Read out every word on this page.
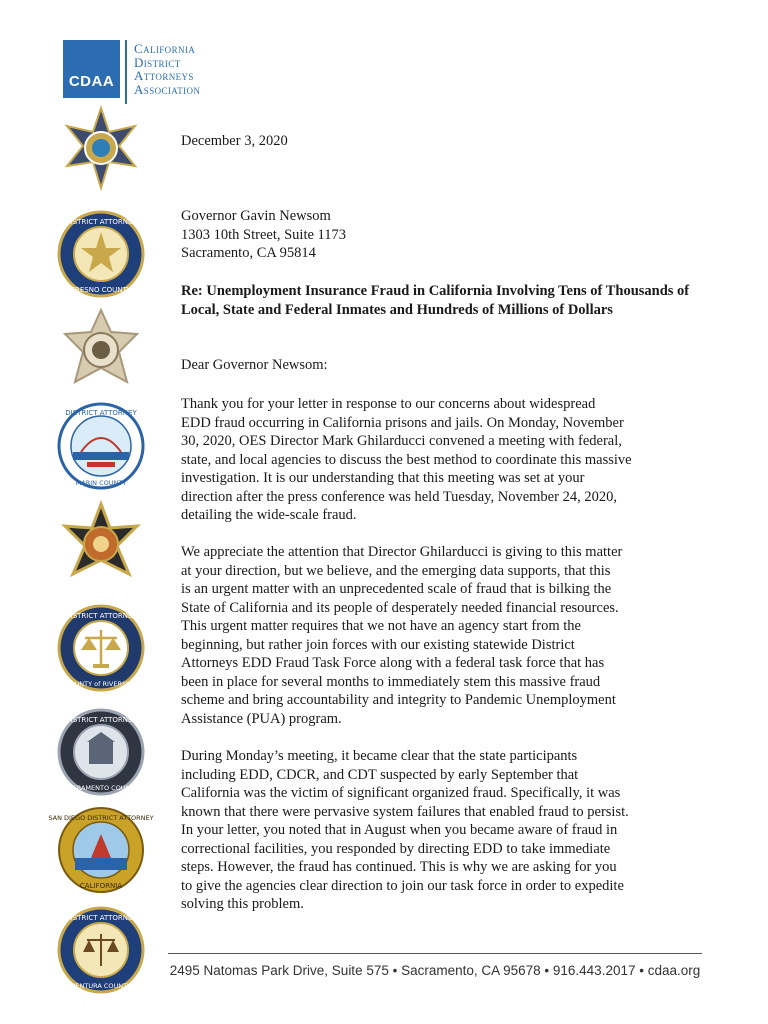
CDAA
California
District
Attorneys
Association
DISTRICT ATTORNEY
FRESNO COUNTY
DISTRICT ATTORNEY
MARIN COUNTY
DISTRICT ATTORNEY
COUNTY of RIVERSIDE
DISTRICT ATTORNEY
SACRAMENTO COUNTY
SAN DIEGO DISTRICT ATTORNEY
CALIFORNIA
DISTRICT ATTORNEY
VENTURA COUNTY
December 3, 2020
Governor Gavin Newsom
1303 10th Street, Suite 1173
Sacramento, CA 95814
Re: Unemployment Insurance Fraud in California Involving Tens of Thousands of Local, State and Federal Inmates and Hundreds of Millions of Dollars
Dear Governor Newsom:
Thank you for your letter in response to our concerns about widespread
EDD fraud occurring in California prisons and jails. On Monday, November
30, 2020, OES Director Mark Ghilarducci convened a meeting with federal,
state, and local agencies to discuss the best method to coordinate this massive
investigation. It is our understanding that this meeting was set at your
direction after the press conference was held Tuesday, November 24, 2020,
detailing the wide-scale fraud.
We appreciate the attention that Director Ghilarducci is giving to this matter
at your direction, but we believe, and the emerging data supports, that this
is an urgent matter with an unprecedented scale of fraud that is bilking the
State of California and its people of desperately needed financial resources.
This urgent matter requires that we not have an agency start from the
beginning, but rather join forces with our existing statewide District
Attorneys EDD Fraud Task Force along with a federal task force that has
been in place for several months to immediately stem this massive fraud
scheme and bring accountability and integrity to Pandemic Unemployment
Assistance (PUA) program.
During Monday’s meeting, it became clear that the state participants
including EDD, CDCR, and CDT suspected by early September that
California was the victim of significant organized fraud. Specifically, it was
known that there were pervasive system failures that enabled fraud to persist.
In your letter, you noted that in August when you became aware of fraud in
correctional facilities, you responded by directing EDD to take immediate
steps. However, the fraud has continued. This is why we are asking for you
to give the agencies clear direction to join our task force in order to expedite
solving this problem.
2495 Natomas Park Drive, Suite 575 • Sacramento, CA 95678 • 916.443.2017 • cdaa.org
